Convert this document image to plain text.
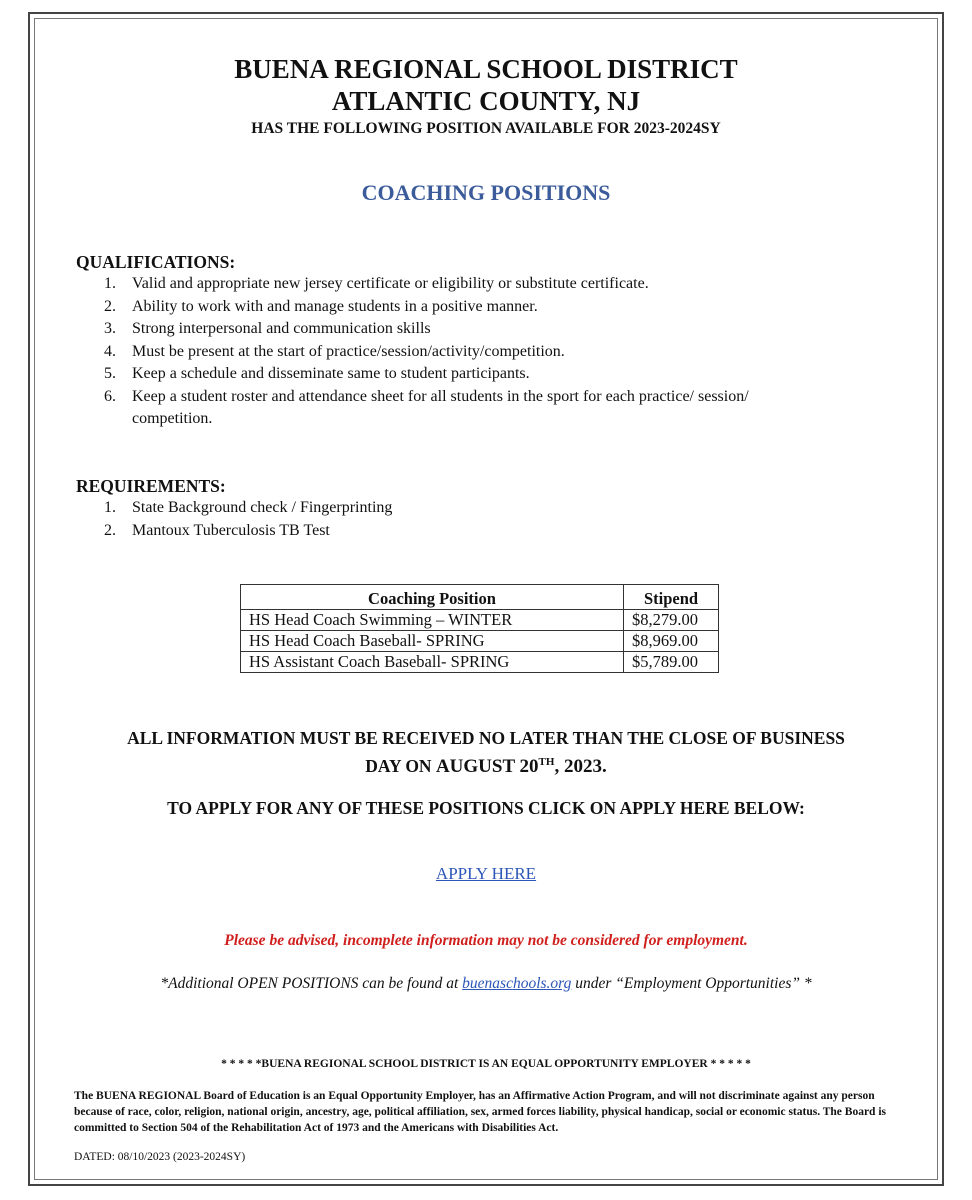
BUENA REGIONAL SCHOOL DISTRICT
ATLANTIC COUNTY, NJ
HAS THE FOLLOWING POSITION AVAILABLE FOR 2023-2024SY
COACHING POSITIONS
QUALIFICATIONS:
1. Valid and appropriate new jersey certificate or eligibility or substitute certificate.
2. Ability to work with and manage students in a positive manner.
3. Strong interpersonal and communication skills
4. Must be present at the start of practice/session/activity/competition.
5. Keep a schedule and disseminate same to student participants.
6. Keep a student roster and attendance sheet for all students in the sport for each practice/ session/ competition.
REQUIREMENTS:
1. State Background check / Fingerprinting
2. Mantoux Tuberculosis TB Test
Coaching Position	Stipend
HS Head Coach Swimming – WINTER	$8,279.00
HS Head Coach Baseball- SPRING	$8,969.00
HS Assistant Coach Baseball- SPRING	$5,789.00
ALL INFORMATION MUST BE RECEIVED NO LATER THAN THE CLOSE OF BUSINESS
DAY ON AUGUST 20TH, 2023.
TO APPLY FOR ANY OF THESE POSITIONS CLICK ON APPLY HERE BELOW:
APPLY HERE
Please be advised, incomplete information may not be considered for employment.
*Additional OPEN POSITIONS can be found at buenaschools.org under “Employment Opportunities” *
* * * * *BUENA REGIONAL SCHOOL DISTRICT IS AN EQUAL OPPORTUNITY EMPLOYER * * * * *
The BUENA REGIONAL Board of Education is an Equal Opportunity Employer, has an Affirmative Action Program, and will not discriminate against any person because of race, color, religion, national origin, ancestry, age, political affiliation, sex, armed forces liability, physical handicap, social or economic status. The Board is committed to Section 504 of the Rehabilitation Act of 1973 and the Americans with Disabilities Act.
DATED: 08/10/2023 (2023-2024SY)
